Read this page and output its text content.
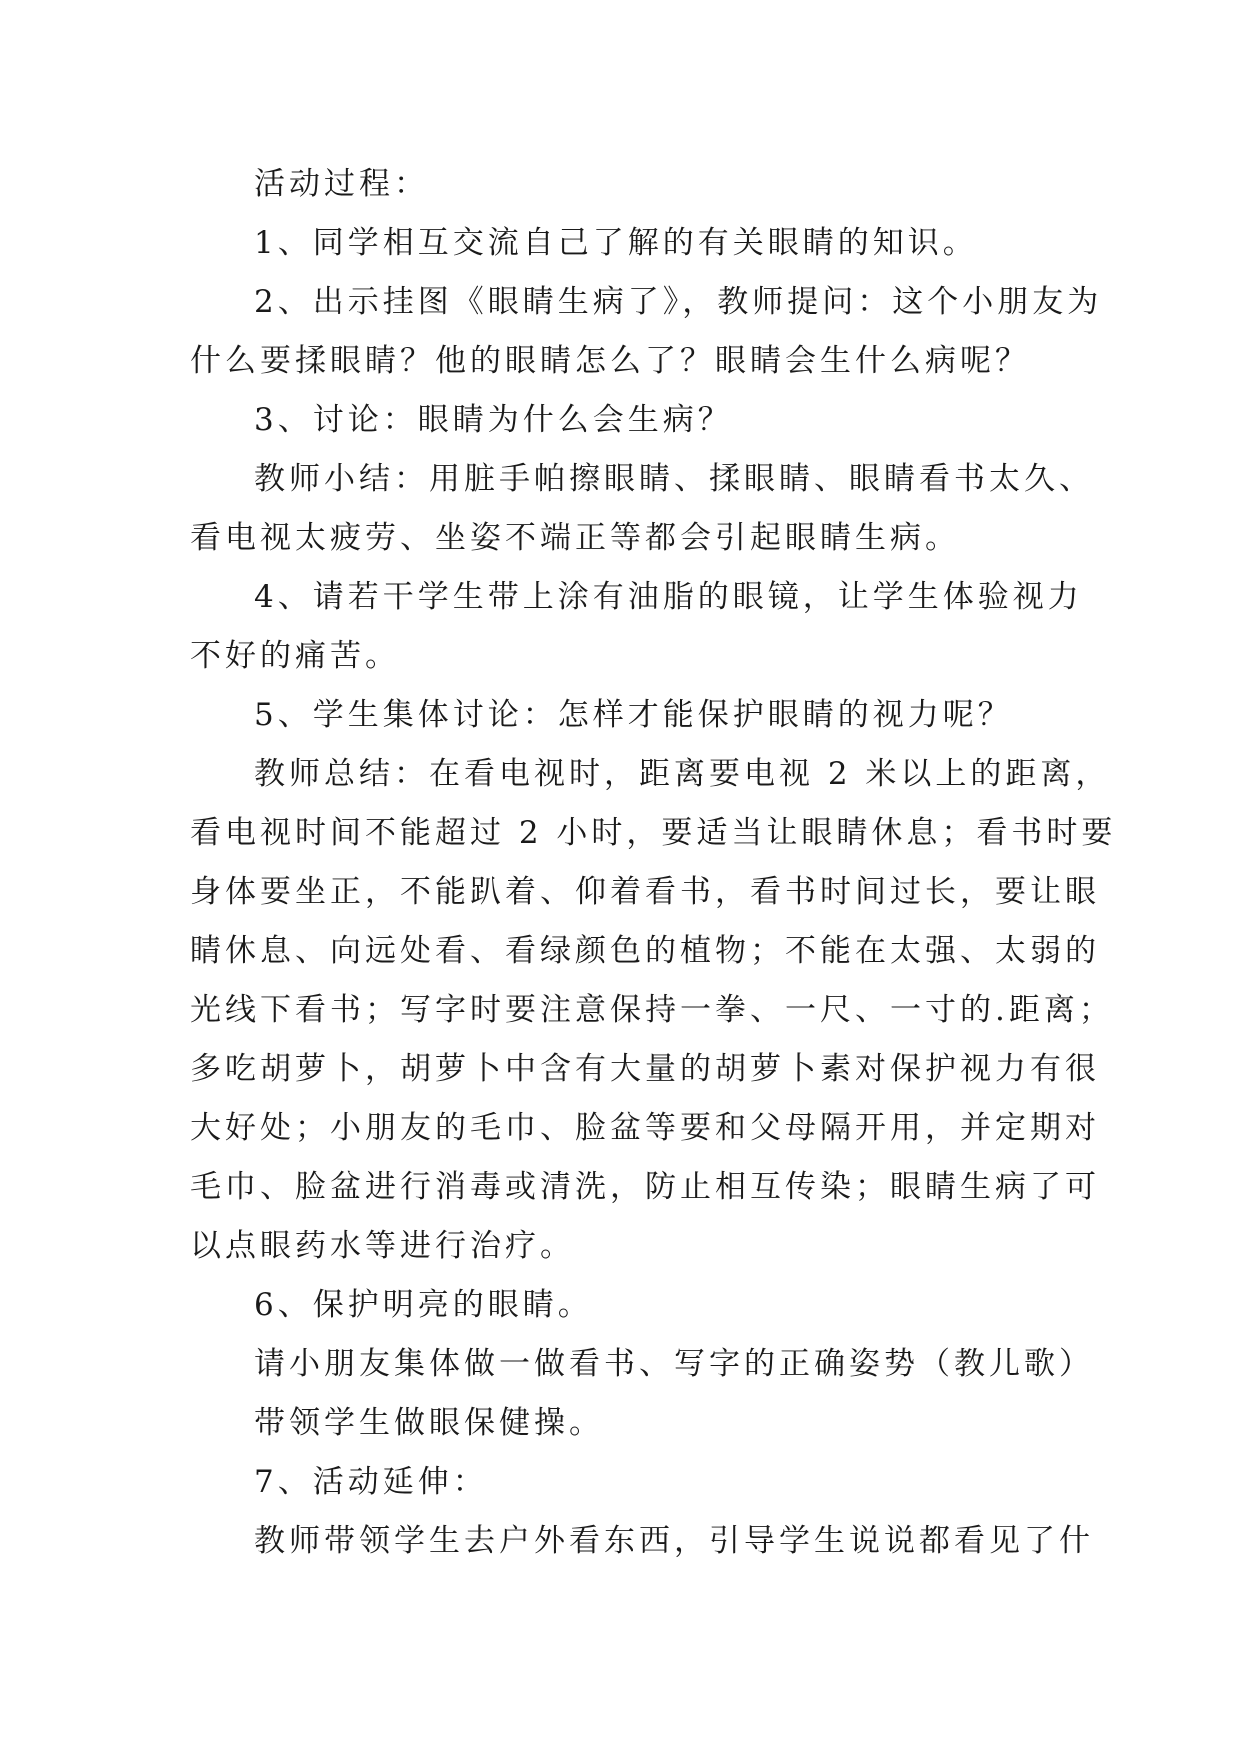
活动过程：
1、同学相互交流自己了解的有关眼睛的知识。
2、出示挂图《眼睛生病了》，教师提问：这个小朋友为
什么要揉眼睛？他的眼睛怎么了？眼睛会生什么病呢？
3、讨论：眼睛为什么会生病？
教师小结：用脏手帕擦眼睛、揉眼睛、眼睛看书太久、
看电视太疲劳、坐姿不端正等都会引起眼睛生病。
4、请若干学生带上涂有油脂的眼镜，让学生体验视力
不好的痛苦。
5、学生集体讨论：怎样才能保护眼睛的视力呢？
教师总结：在看电视时，距离要电视 2 米以上的距离，
看电视时间不能超过 2 小时，要适当让眼睛休息；看书时要
身体要坐正，不能趴着、仰着看书，看书时间过长，要让眼
睛休息、向远处看、看绿颜色的植物；不能在太强、太弱的
光线下看书；写字时要注意保持一拳、一尺、一寸的.距离；
多吃胡萝卜，胡萝卜中含有大量的胡萝卜素对保护视力有很
大好处；小朋友的毛巾、脸盆等要和父母隔开用，并定期对
毛巾、脸盆进行消毒或清洗，防止相互传染；眼睛生病了可
以点眼药水等进行治疗。
6、保护明亮的眼睛。
请小朋友集体做一做看书、写字的正确姿势（教儿歌）
带领学生做眼保健操。
7、活动延伸：
教师带领学生去户外看东西，引导学生说说都看见了什
